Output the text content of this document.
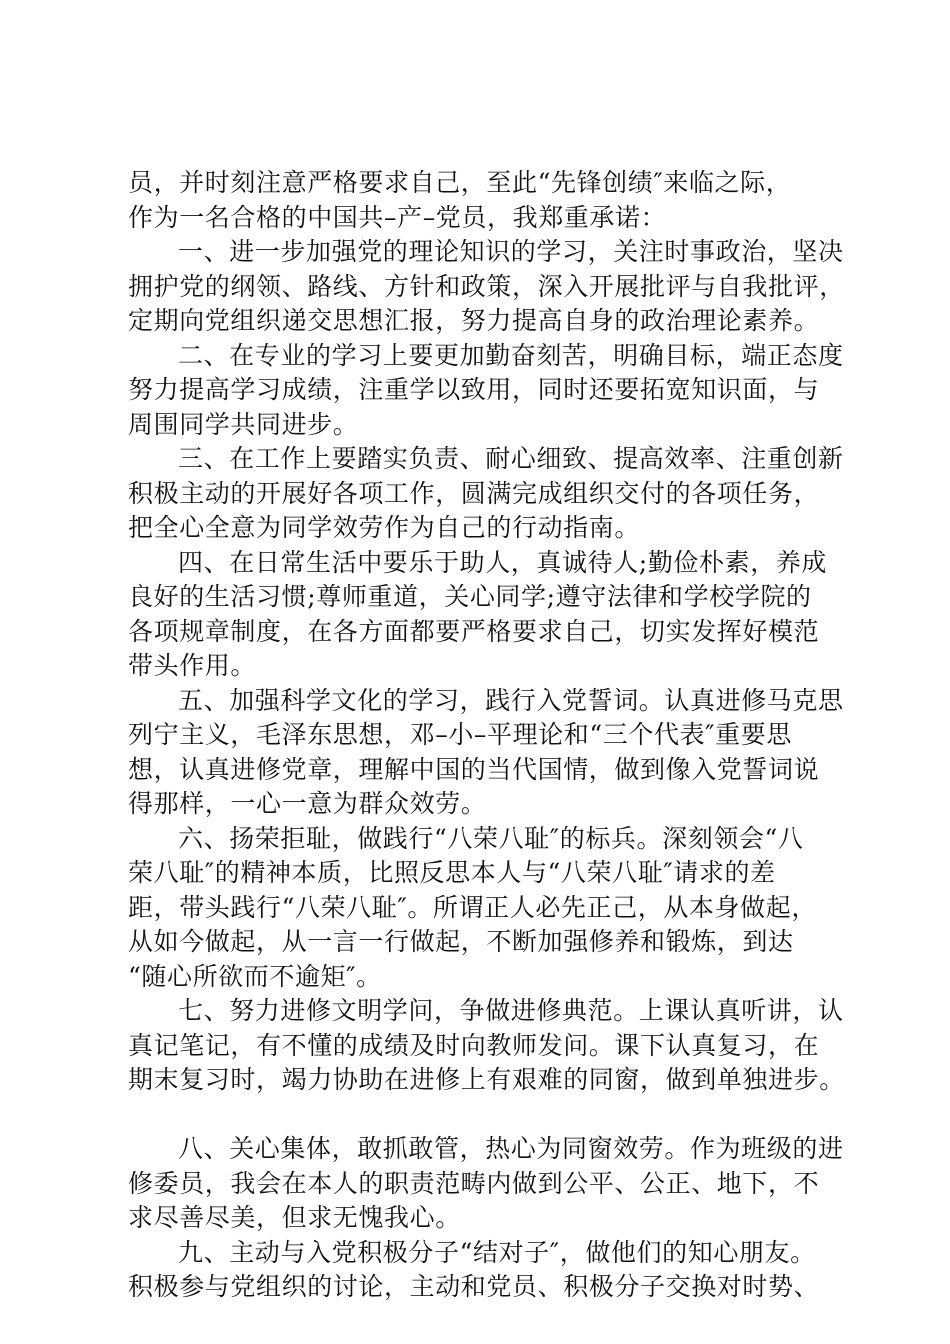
员，并时刻注意严格要求自己，至此“先锋创绩″来临之际，
作为一名合格的中国共–产–党员，我郑重承诺：
一、进一步加强党的理论知识的学习，关注时事政治，坚决
拥护党的纲领、路线、方针和政策，深入开展批评与自我批评，
定期向党组织递交思想汇报，努力提高自身的政治理论素养。
二、在专业的学习上要更加勤奋刻苦，明确目标，端正态度
努力提高学习成绩，注重学以致用，同时还要拓宽知识面，与
周围同学共同进步。
三、在工作上要踏实负责、耐心细致、提高效率、注重创新
积极主动的开展好各项工作，圆满完成组织交付的各项任务，
把全心全意为同学效劳作为自己的行动指南。
四、在日常生活中要乐于助人，真诚待人;勤俭朴素，养成
良好的生活习惯;尊师重道，关心同学;遵守法律和学校学院的
各项规章制度，在各方面都要严格要求自己，切实发挥好模范
带头作用。
五、加强科学文化的学习，践行入党誓词。认真进修马克思
列宁主义，毛泽东思想，邓–小–平理论和“三个代表″重要思
想，认真进修党章，理解中国的当代国情，做到像入党誓词说
得那样，一心一意为群众效劳。
六、扬荣拒耻，做践行“八荣八耻″的标兵。深刻领会“八
荣八耻″的精神本质，比照反思本人与“八荣八耻″请求的差
距，带头践行“八荣八耻″。所谓正人必先正己，从本身做起，
从如今做起，从一言一行做起，不断加强修养和锻炼，到达
“随心所欲而不逾矩″。
七、努力进修文明学问，争做进修典范。上课认真听讲，认
真记笔记，有不懂的成绩及时向教师发问。课下认真复习，在
期末复习时，竭力协助在进修上有艰难的同窗，做到单独进步。
八、关心集体，敢抓敢管，热心为同窗效劳。作为班级的进
修委员，我会在本人的职责范畴内做到公平、公正、地下，不
求尽善尽美，但求无愧我心。
九、主动与入党积极分子“结对子″，做他们的知心朋友。
积极参与党组织的讨论，主动和党员、积极分子交换对时势、
